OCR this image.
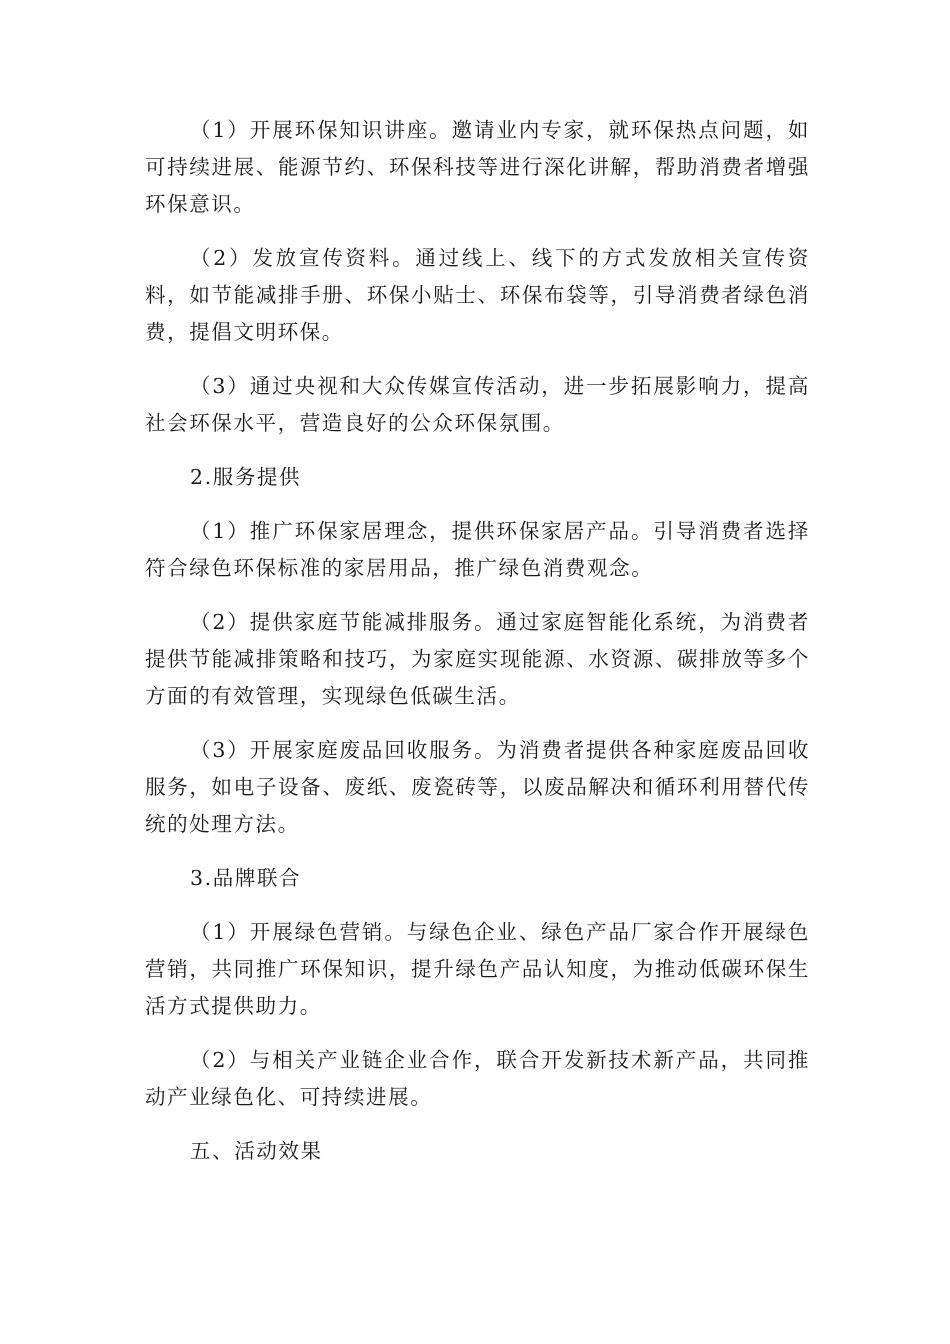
（1）开展环保知识讲座。邀请业内专家，就环保热点问题，如可持续进展、能源节约、环保科技等进行深化讲解，帮助消费者增强环保意识。

（2）发放宣传资料。通过线上、线下的方式发放相关宣传资料，如节能减排手册、环保小贴士、环保布袋等，引导消费者绿色消费，提倡文明环保。

（3）通过央视和大众传媒宣传活动，进一步拓展影响力，提高社会环保水平，营造良好的公众环保氛围。

2.服务提供

（1）推广环保家居理念，提供环保家居产品。引导消费者选择符合绿色环保标准的家居用品，推广绿色消费观念。

（2）提供家庭节能减排服务。通过家庭智能化系统，为消费者提供节能减排策略和技巧，为家庭实现能源、水资源、碳排放等多个方面的有效管理，实现绿色低碳生活。

（3）开展家庭废品回收服务。为消费者提供各种家庭废品回收服务，如电子设备、废纸、废瓷砖等，以废品解决和循环利用替代传统的处理方法。

3.品牌联合

（1）开展绿色营销。与绿色企业、绿色产品厂家合作开展绿色营销，共同推广环保知识，提升绿色产品认知度，为推动低碳环保生活方式提供助力。

（2）与相关产业链企业合作，联合开发新技术新产品，共同推动产业绿色化、可持续进展。

五、活动效果
